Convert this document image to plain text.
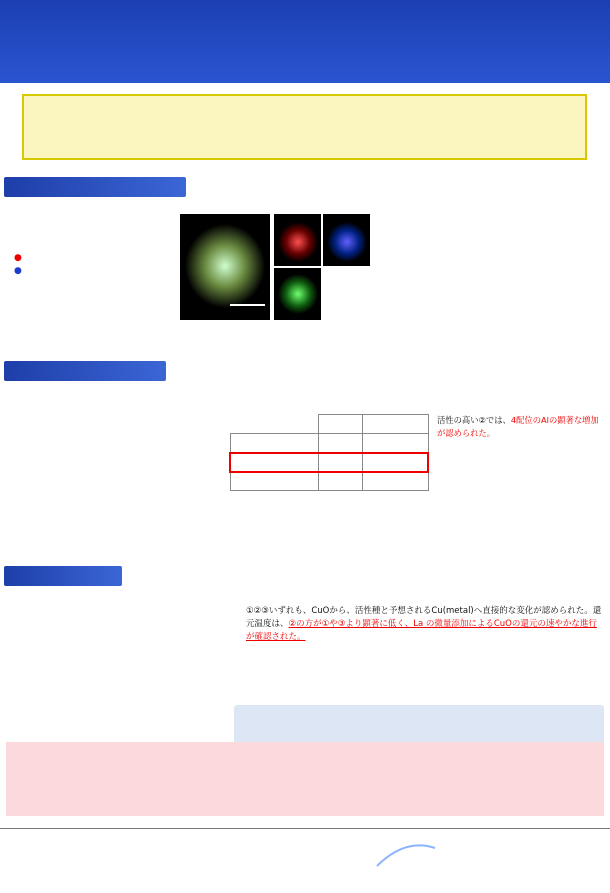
●
●

活性の高い②では、4配位のAlの顕著な増加が認められた。
①②③いずれも、CuOから、活性種と予想されるCu(metal)へ直接的な変化が認められた。還元温度は、②の方が①や③より顕著に低く、La の微量添加によるCuOの還元の速やかな進行が確認された。
